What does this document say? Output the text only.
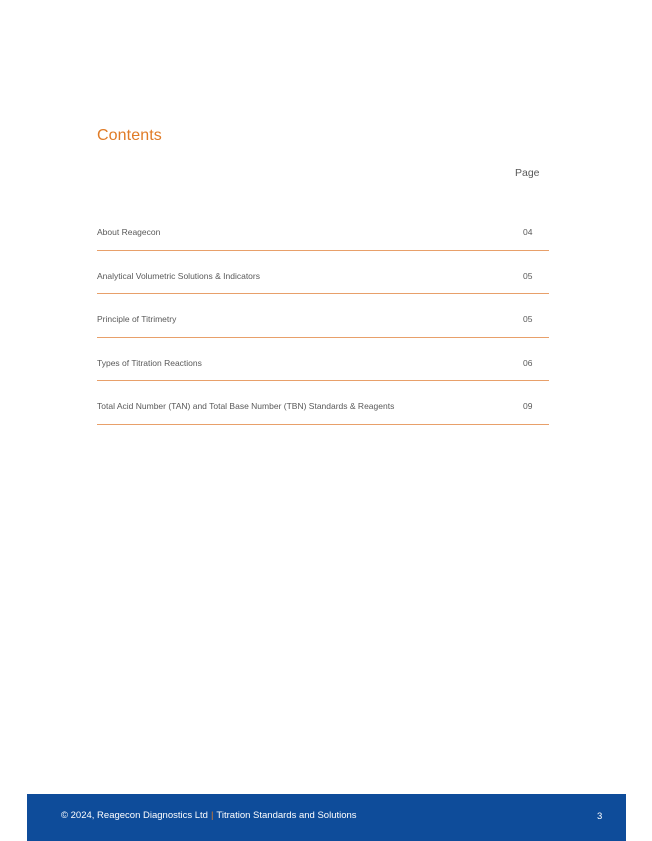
Contents
Page
About Reagecon	04
Analytical Volumetric Solutions & Indicators	05
Principle of Titrimetry	05
Types of Titration Reactions	06
Total Acid Number (TAN) and Total Base Number (TBN) Standards & Reagents	09
© 2024, Reagecon Diagnostics Ltd | Titration Standards and Solutions	3
